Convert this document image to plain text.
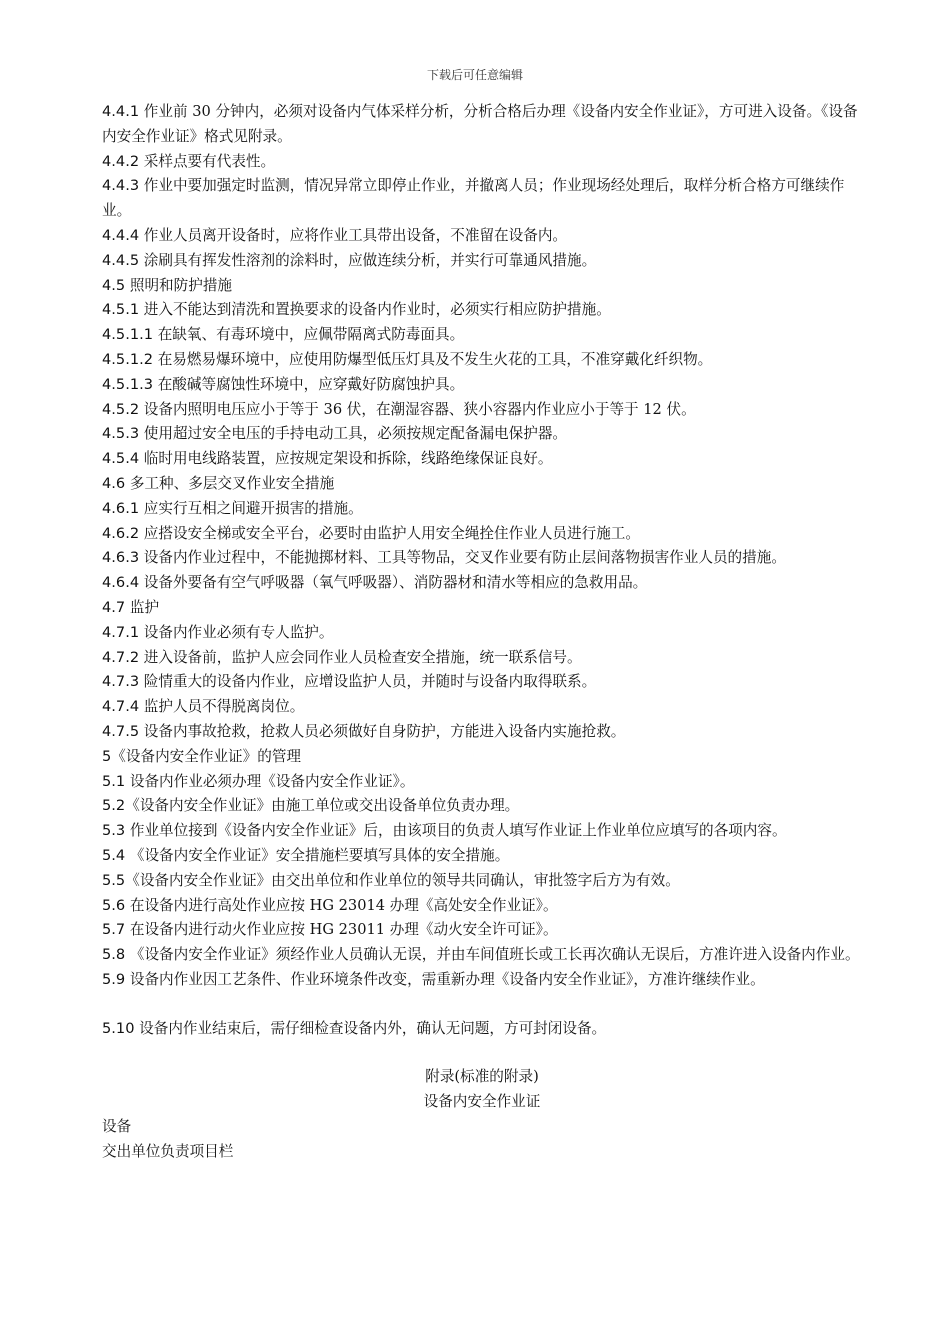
下载后可任意编辑

4.4.1 作业前 30 分钟内，必须对设备内气体采样分析，分析合格后办理《设备内安全作业证》，方可进入设备。《设备内安全作业证》格式见附录。

4.4.2 采样点要有代表性。

4.4.3 作业中要加强定时监测，情况异常立即停止作业，并撤离人员；作业现场经处理后，取样分析合格方可继续作业。

4.4.4 作业人员离开设备时，应将作业工具带出设备，不准留在设备内。

4.4.5 涂刷具有挥发性溶剂的涂料时，应做连续分析，并实行可靠通风措施。

4.5 照明和防护措施

4.5.1 进入不能达到清洗和置换要求的设备内作业时，必须实行相应防护措施。

4.5.1.1 在缺氧、有毒环境中，应佩带隔离式防毒面具。

4.5.1.2 在易燃易爆环境中，应使用防爆型低压灯具及不发生火花的工具，不准穿戴化纤织物。

4.5.1.3 在酸碱等腐蚀性环境中，应穿戴好防腐蚀护具。

4.5.2 设备内照明电压应小于等于 36 伏，在潮湿容器、狭小容器内作业应小于等于 12 伏。

4.5.3 使用超过安全电压的手持电动工具，必须按规定配备漏电保护器。

4.5.4 临时用电线路装置，应按规定架设和拆除，线路绝缘保证良好。

4.6 多工种、多层交叉作业安全措施

4.6.1 应实行互相之间避开损害的措施。

4.6.2 应搭设安全梯或安全平台，必要时由监护人用安全绳拴住作业人员进行施工。

4.6.3 设备内作业过程中，不能抛掷材料、工具等物品，交叉作业要有防止层间落物损害作业人员的措施。

4.6.4 设备外要备有空气呼吸器（氧气呼吸器）、消防器材和清水等相应的急救用品。

4.7 监护

4.7.1 设备内作业必须有专人监护。

4.7.2 进入设备前，监护人应会同作业人员检查安全措施，统一联系信号。

4.7.3 险情重大的设备内作业，应增设监护人员，并随时与设备内取得联系。

4.7.4 监护人员不得脱离岗位。

4.7.5 设备内事故抢救，抢救人员必须做好自身防护，方能进入设备内实施抢救。

5《设备内安全作业证》的管理

5.1 设备内作业必须办理《设备内安全作业证》。

5.2《设备内安全作业证》由施工单位或交出设备单位负责办理。

5.3 作业单位接到《设备内安全作业证》后，由该项目的负责人填写作业证上作业单位应填写的各项内容。

5.4 《设备内安全作业证》安全措施栏要填写具体的安全措施。

5.5《设备内安全作业证》由交出单位和作业单位的领导共同确认，审批签字后方为有效。

5.6 在设备内进行高处作业应按 HG 23014 办理《高处安全作业证》。

5.7 在设备内进行动火作业应按 HG 23011 办理《动火安全许可证》。

5.8 《设备内安全作业证》须经作业人员确认无误，并由车间值班长或工长再次确认无误后，方准许进入设备内作业。

5.9 设备内作业因工艺条件、作业环境条件改变，需重新办理《设备内安全作业证》，方准许继续作业。

5.10 设备内作业结束后，需仔细检查设备内外，确认无问题，方可封闭设备。

附录(标准的附录)

设备内安全作业证

设备

交出单位负责项目栏
